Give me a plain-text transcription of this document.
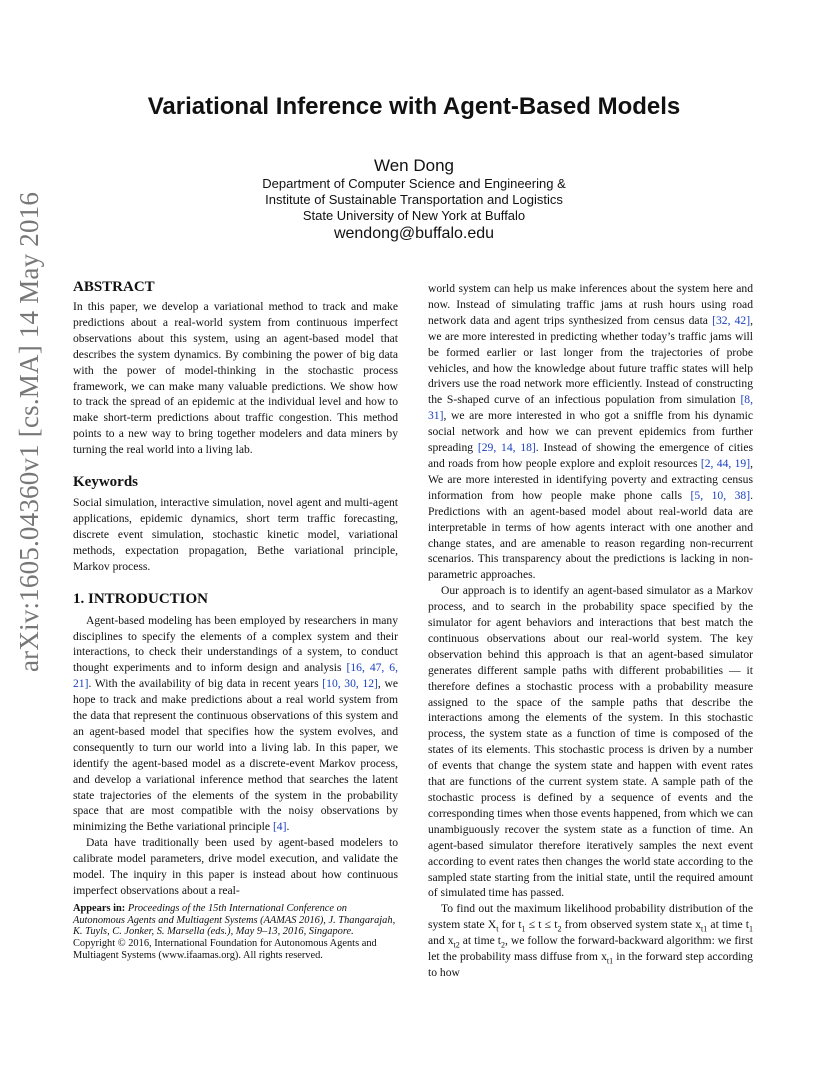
arXiv:1605.04360v1 [cs.MA] 14 May 2016
Variational Inference with Agent-Based Models
Wen Dong
Department of Computer Science and Engineering &
Institute of Sustainable Transportation and Logistics
State University of New York at Buffalo
wendong@buffalo.edu
ABSTRACT

In this paper, we develop a variational method to track and make predictions about a real-world system from continuous imperfect observations about this system, using an agent-based model that describes the system dynamics. By combining the power of big data with the power of model-thinking in the stochastic process framework, we can make many valuable predictions. We show how to track the spread of an epidemic at the individual level and how to make short-term predictions about traffic congestion. This method points to a new way to bring together modelers and data miners by turning the real world into a living lab.

Keywords

Social simulation, interactive simulation, novel agent and multi-agent applications, epidemic dynamics, short term traffic forecasting, discrete event simulation, stochastic kinetic model, variational methods, expectation propagation, Bethe variational principle, Markov process.

1. INTRODUCTION

Agent-based modeling has been employed by researchers in many disciplines to specify the elements of a complex system and their interactions, to check their understandings of a system, to conduct thought experiments and to inform design and analysis [16, 47, 6, 21]. With the availability of big data in recent years [10, 30, 12], we hope to track and make predictions about a real world system from the data that represent the continuous observations of this system and an agent-based model that specifies how the system evolves, and consequently to turn our world into a living lab. In this paper, we identify the agent-based model as a discrete-event Markov process, and develop a variational inference method that searches the latent state trajectories of the elements of the system in the probability space that are most compatible with the noisy observations by minimizing the Bethe variational principle [4].

Data have traditionally been used by agent-based modelers to calibrate model parameters, drive model execution, and validate the model. The inquiry in this paper is instead about how continuous imperfect observations about a real-

Appears in: Proceedings of the 15th International Conference on Autonomous Agents and Multiagent Systems (AAMAS 2016), J. Thangarajah, K. Tuyls, C. Jonker, S. Marsella (eds.), May 9–13, 2016, Singapore.
Copyright © 2016, International Foundation for Autonomous Agents and Multiagent Systems (www.ifaamas.org). All rights reserved.

world system can help us make inferences about the system here and now. Instead of simulating traffic jams at rush hours using road network data and agent trips synthesized from census data [32, 42], we are more interested in predicting whether today’s traffic jams will be formed earlier or last longer from the trajectories of probe vehicles, and how the knowledge about future traffic states will help drivers use the road network more efficiently. Instead of constructing the S-shaped curve of an infectious population from simulation [8, 31], we are more interested in who got a sniffle from his dynamic social network and how we can prevent epidemics from further spreading [29, 14, 18]. Instead of showing the emergence of cities and roads from how people explore and exploit resources [2, 44, 19], We are more interested in identifying poverty and extracting census information from how people make phone calls [5, 10, 38]. Predictions with an agent-based model about real-world data are interpretable in terms of how agents interact with one another and change states, and are amenable to reason regarding non-recurrent scenarios. This transparency about the predictions is lacking in non-parametric approaches.

Our approach is to identify an agent-based simulator as a Markov process, and to search in the probability space specified by the simulator for agent behaviors and interactions that best match the continuous observations about our real-world system. The key observation behind this approach is that an agent-based simulator generates different sample paths with different probabilities — it therefore defines a stochastic process with a probability measure assigned to the space of the sample paths that describe the interactions among the elements of the system. In this stochastic process, the system state as a function of time is composed of the states of its elements. This stochastic process is driven by a number of events that change the system state and happen with event rates that are functions of the current system state. A sample path of the stochastic process is defined by a sequence of events and the corresponding times when those events happened, from which we can unambiguously recover the system state as a function of time. An agent-based simulator therefore iteratively samples the next event according to event rates then changes the world state according to the sampled state starting from the initial state, until the required amount of simulated time has passed.

To find out the maximum likelihood probability distribution of the system state $X_t$ for $t_1 \le t \le t_2$ from observed system state $x_{t1}$ at time $t_1$ and $x_{t2}$ at time $t_2$, we follow the forward-backward algorithm: we first let the probability mass diffuse from $x_{t1}$ in the forward step according to how
